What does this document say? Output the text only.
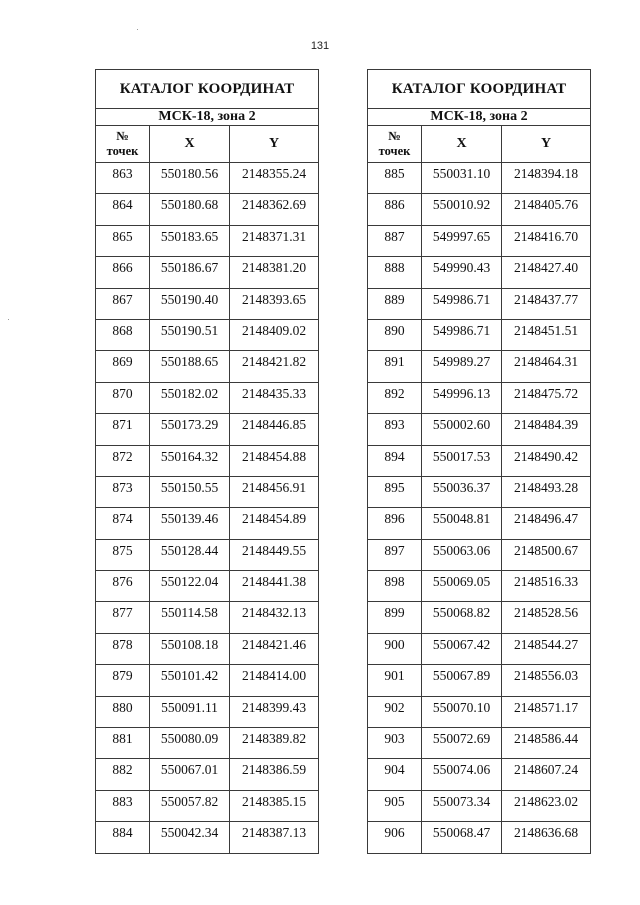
131
КАТАЛОГ КООРДИНАТ		
МСК-18, зона 2		
№
точек	X	Y
863	550180.56	2148355.24
864	550180.68	2148362.69
865	550183.65	2148371.31
866	550186.67	2148381.20
867	550190.40	2148393.65
868	550190.51	2148409.02
869	550188.65	2148421.82
870	550182.02	2148435.33
871	550173.29	2148446.85
872	550164.32	2148454.88
873	550150.55	2148456.91
874	550139.46	2148454.89
875	550128.44	2148449.55
876	550122.04	2148441.38
877	550114.58	2148432.13
878	550108.18	2148421.46
879	550101.42	2148414.00
880	550091.11	2148399.43
881	550080.09	2148389.82
882	550067.01	2148386.59
883	550057.82	2148385.15
884	550042.34	2148387.13
КАТАЛОГ КООРДИНАТ		
МСК-18, зона 2		
№
точек	X	Y
885	550031.10	2148394.18
886	550010.92	2148405.76
887	549997.65	2148416.70
888	549990.43	2148427.40
889	549986.71	2148437.77
890	549986.71	2148451.51
891	549989.27	2148464.31
892	549996.13	2148475.72
893	550002.60	2148484.39
894	550017.53	2148490.42
895	550036.37	2148493.28
896	550048.81	2148496.47
897	550063.06	2148500.67
898	550069.05	2148516.33
899	550068.82	2148528.56
900	550067.42	2148544.27
901	550067.89	2148556.03
902	550070.10	2148571.17
903	550072.69	2148586.44
904	550074.06	2148607.24
905	550073.34	2148623.02
906	550068.47	2148636.68
